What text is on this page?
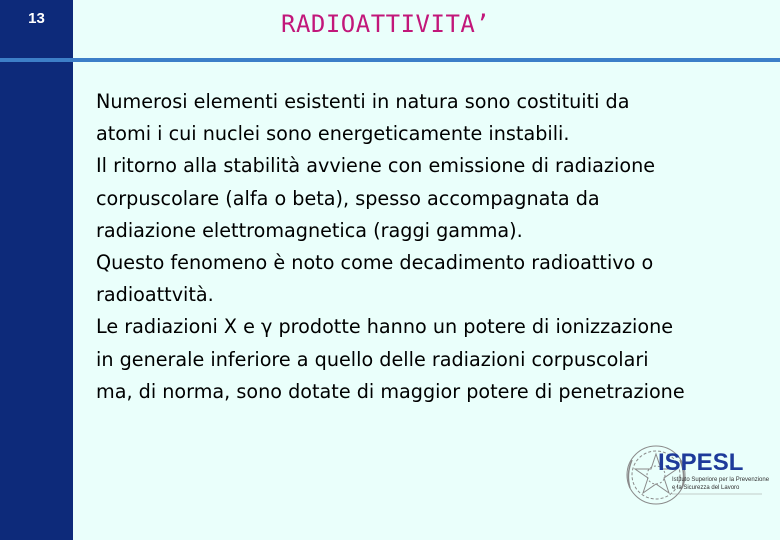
13	RADIOATTIVITA’

Numerosi elementi esistenti in natura sono costituiti da

atomi i cui nuclei sono energeticamente instabili.

Il ritorno alla stabilità avviene con emissione di radiazione

corpuscolare (alfa o beta), spesso accompagnata da

radiazione elettromagnetica (raggi gamma).

Questo fenomeno è noto come decadimento radioattivo o

radioattvità.

Le radiazioni X e γ prodotte hanno un potere di ionizzazione

in generale inferiore a quello delle radiazioni corpuscolari

ma, di norma, sono dotate di maggior potere di penetrazione

ISPESL
Istituto Superiore per la Prevenzione
e la Sicurezza del Lavoro
